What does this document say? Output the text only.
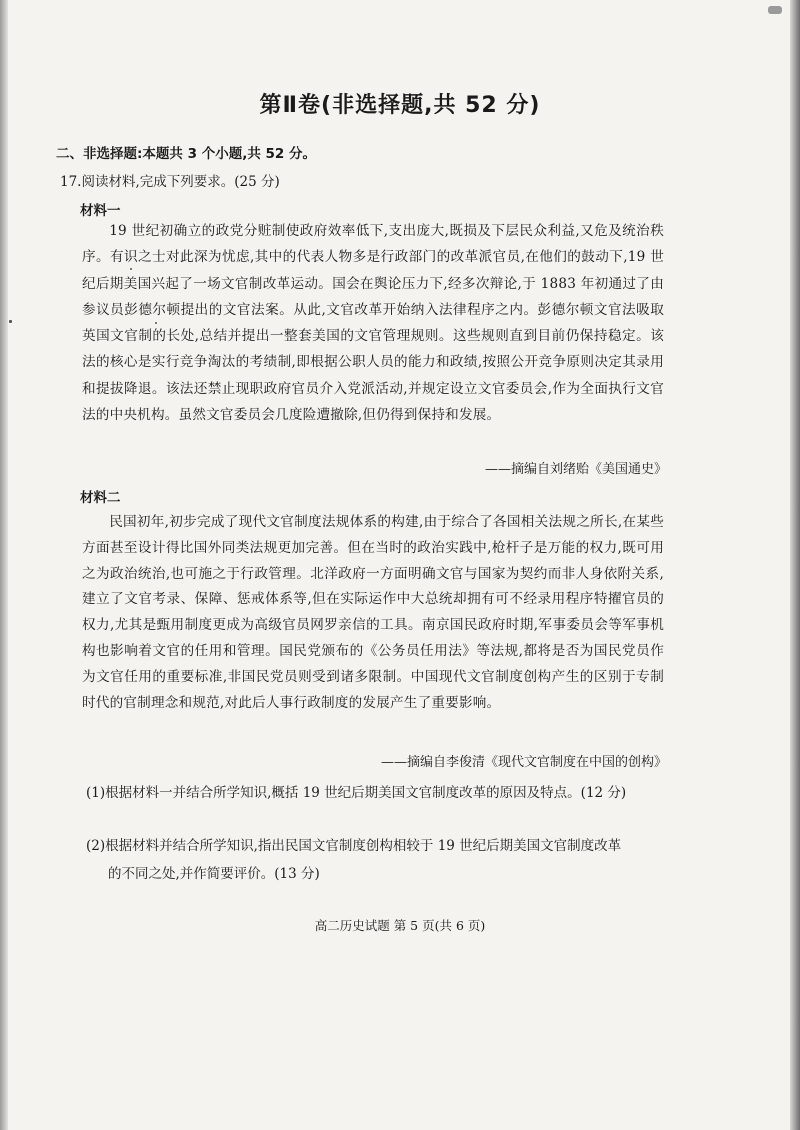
第Ⅱ卷(非选择题,共 52 分)
二、非选择题:本题共 3 个小题,共 52 分。
17.阅读材料,完成下列要求。(25 分)
材料一
19 世纪初确立的政党分赃制使政府效率低下,支出庞大,既损及下层民众利益,又危及统治秩序。有识之士对此深为忧虑,其中的代表人物多是行政部门的改革派官员,在他们的鼓动下,19 世纪后期美国兴起了一场文官制改革运动。国会在舆论压力下,经多次辩论,于 1883 年初通过了由参议员彭德尔顿提出的文官法案。从此,文官改革开始纳入法律程序之内。彭德尔顿文官法吸取英国文官制的长处,总结并提出一整套美国的文官管理规则。这些规则直到目前仍保持稳定。该法的核心是实行竞争淘汰的考绩制,即根据公职人员的能力和政绩,按照公开竞争原则决定其录用和提拔降退。该法还禁止现职政府官员介入党派活动,并规定设立文官委员会,作为全面执行文官法的中央机构。虽然文官委员会几度险遭撤除,但仍得到保持和发展。
——摘编自刘绪贻《美国通史》
材料二
民国初年,初步完成了现代文官制度法规体系的构建,由于综合了各国相关法规之所长,在某些方面甚至设计得比国外同类法规更加完善。但在当时的政治实践中,枪杆子是万能的权力,既可用之为政治统治,也可施之于行政管理。北洋政府一方面明确文官与国家为契约而非人身依附关系,建立了文官考录、保障、惩戒体系等,但在实际运作中大总统却拥有可不经录用程序特擢官员的权力,尤其是甄用制度更成为高级官员网罗亲信的工具。南京国民政府时期,军事委员会等军事机构也影响着文官的任用和管理。国民党颁布的《公务员任用法》等法规,都将是否为国民党员作为文官任用的重要标准,非国民党员则受到诸多限制。中国现代文官制度创构产生的区别于专制时代的官制理念和规范,对此后人事行政制度的发展产生了重要影响。
——摘编自李俊清《现代文官制度在中国的创构》
(1)根据材料一并结合所学知识,概括 19 世纪后期美国文官制度改革的原因及特点。(12 分)
(2)根据材料并结合所学知识,指出民国文官制度创构相较于 19 世纪后期美国文官制度改革
的不同之处,并作简要评价。(13 分)
高二历史试题 第 5 页(共 6 页)
